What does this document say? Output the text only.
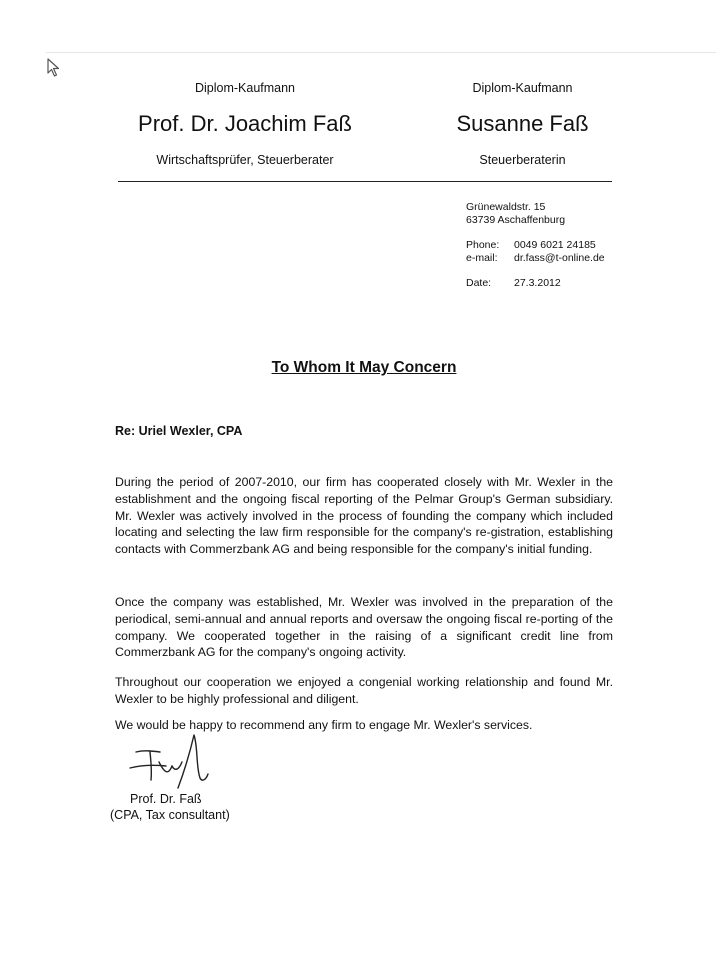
Diplom-Kaufmann
Prof. Dr. Joachim Faß
Wirtschaftsprüfer, Steuerberater
Diplom-Kaufmann
Susanne Faß
Steuerberaterin
Grünewaldstr. 15
63739 Aschaffenburg
Phone:	0049 6021 24185
e-mail:	dr.fass@t-online.de
Date:	27.3.2012
To Whom It May Concern
Re: Uriel Wexler, CPA
During the period of 2007-2010, our firm has cooperated closely with Mr. Wexler in the establishment and the ongoing fiscal reporting of the Pelmar Group's German subsidiary. Mr. Wexler was actively involved in the process of founding the company which included locating and selecting the law firm responsible for the company's re-gistration, establishing contacts with Commerzbank AG and being responsible for the company's initial funding.
Once the company was established, Mr. Wexler was involved in the preparation of the periodical, semi-annual and annual reports and oversaw the ongoing fiscal re-porting of the company. We cooperated together in the raising of a significant credit line from Commerzbank AG for the company's ongoing activity.
Throughout our cooperation we enjoyed a congenial working relationship and found Mr. Wexler to be highly professional and diligent.
We would be happy to recommend any firm to engage Mr. Wexler's services.
Prof. Dr. Faß
(CPA, Tax consultant)
